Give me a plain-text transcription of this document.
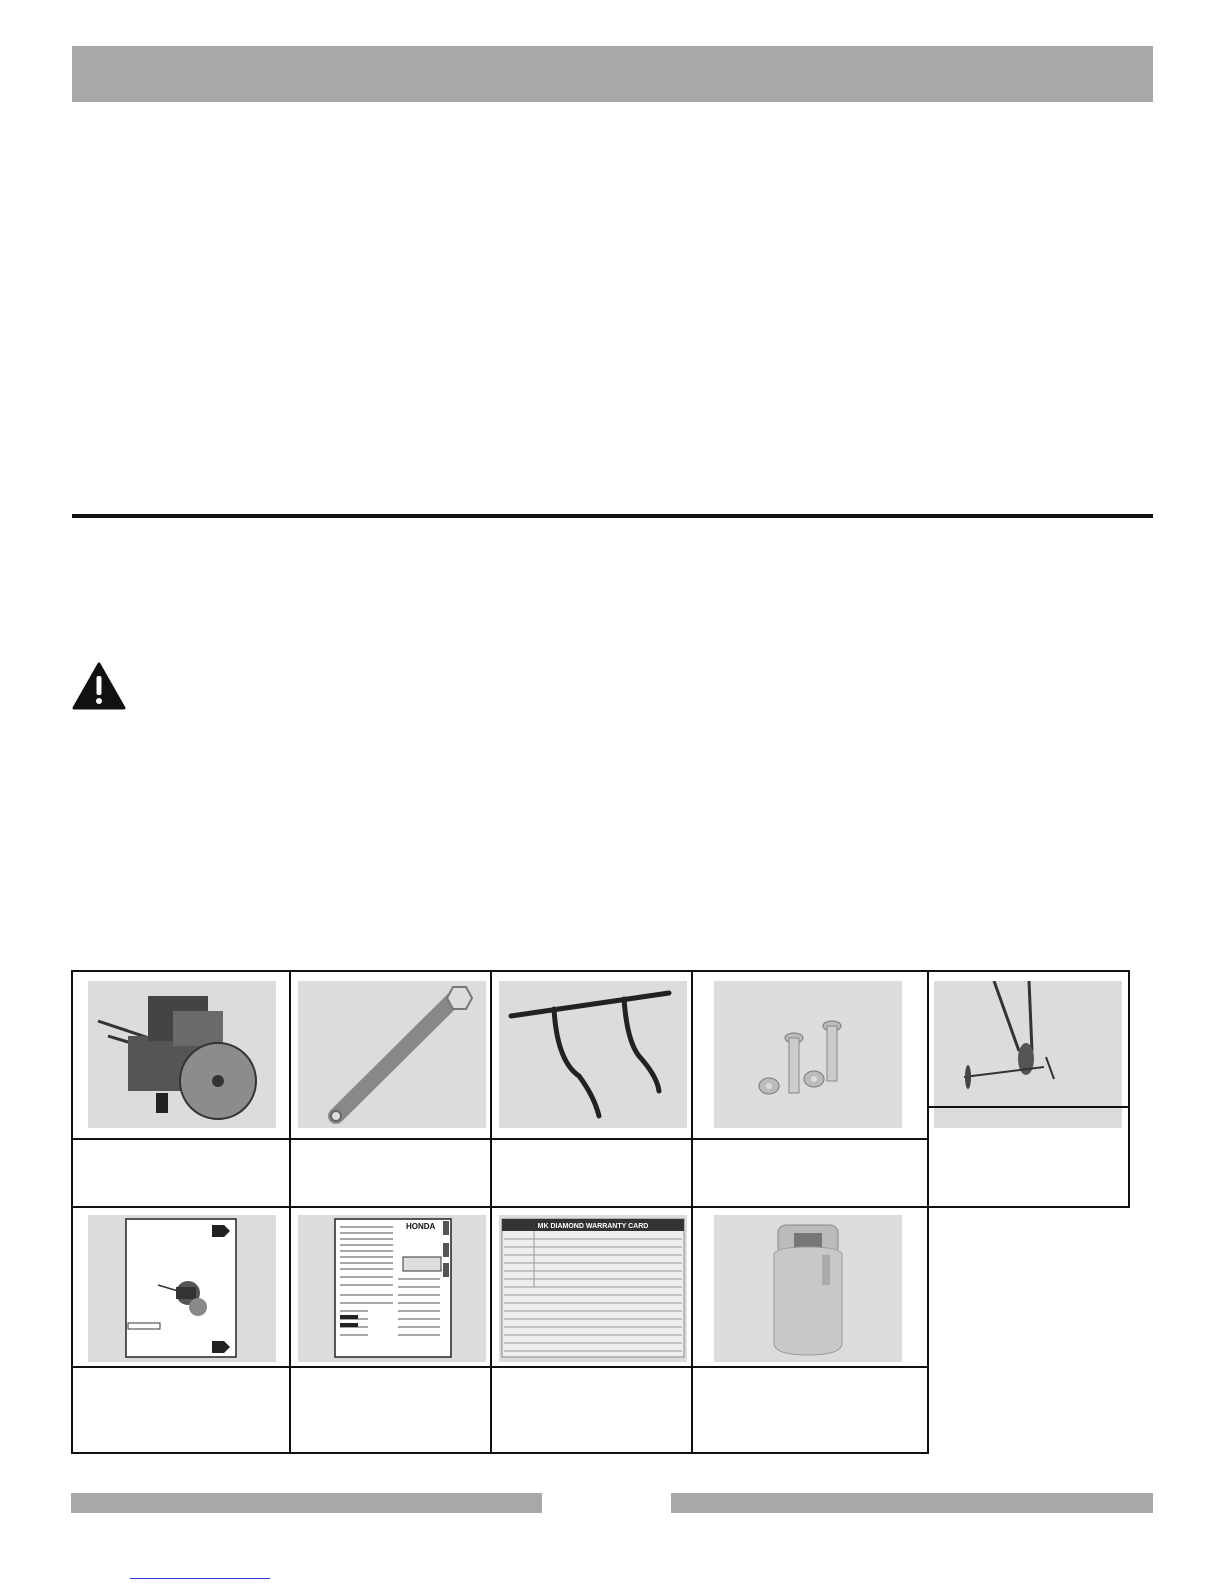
HONDA	MK DIAMOND WARRANTY CARD
